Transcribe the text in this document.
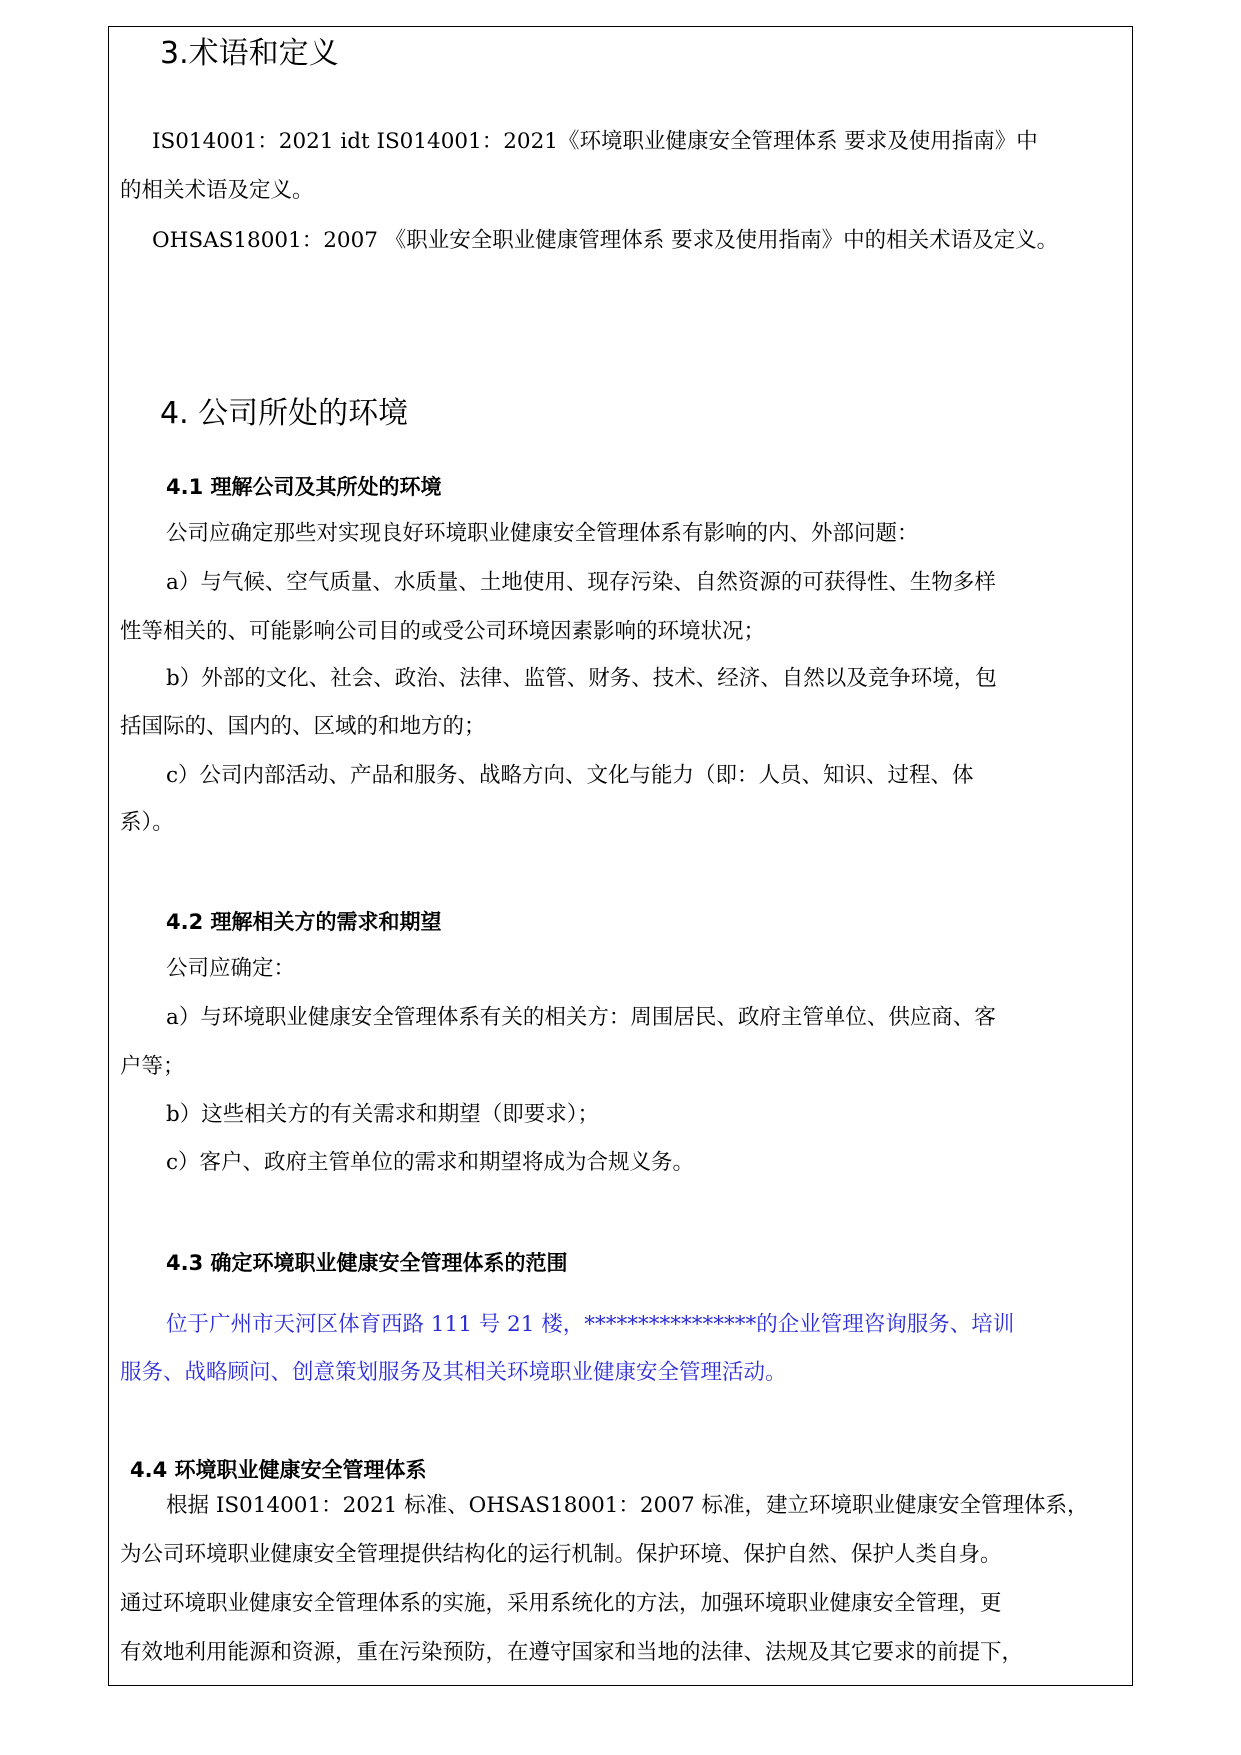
3.术语和定义
IS014001：2021 idt IS014001：2021《环境职业健康安全管理体系 要求及使用指南》中
的相关术语及定义。
OHSAS18001：2007 《职业安全职业健康管理体系 要求及使用指南》中的相关术语及定义。
4. 公司所处的环境
4.1 理解公司及其所处的环境
公司应确定那些对实现良好环境职业健康安全管理体系有影响的内、外部问题：
a）与气候、空气质量、水质量、土地使用、现存污染、自然资源的可获得性、生物多样
性等相关的、可能影响公司目的或受公司环境因素影响的环境状况；
b）外部的文化、社会、政治、法律、监管、财务、技术、经济、自然以及竞争环境，包
括国际的、国内的、区域的和地方的；
c）公司内部活动、产品和服务、战略方向、文化与能力（即：人员、知识、过程、体
系）。
4.2 理解相关方的需求和期望
公司应确定：
a）与环境职业健康安全管理体系有关的相关方：周围居民、政府主管单位、供应商、客
户等；
b）这些相关方的有关需求和期望（即要求）；
c）客户、政府主管单位的需求和期望将成为合规义务。
4.3 确定环境职业健康安全管理体系的范围
位于广州市天河区体育西路 111 号 21 楼，****************的企业管理咨询服务、培训
服务、战略顾问、创意策划服务及其相关环境职业健康安全管理活动。
4.4 环境职业健康安全管理体系
根据 IS014001：2021 标准、OHSAS18001：2007 标准，建立环境职业健康安全管理体系，
为公司环境职业健康安全管理提供结构化的运行机制。保护环境、保护自然、保护人类自身。
通过环境职业健康安全管理体系的实施，采用系统化的方法，加强环境职业健康安全管理，更
有效地利用能源和资源，重在污染预防，在遵守国家和当地的法律、法规及其它要求的前提下，
